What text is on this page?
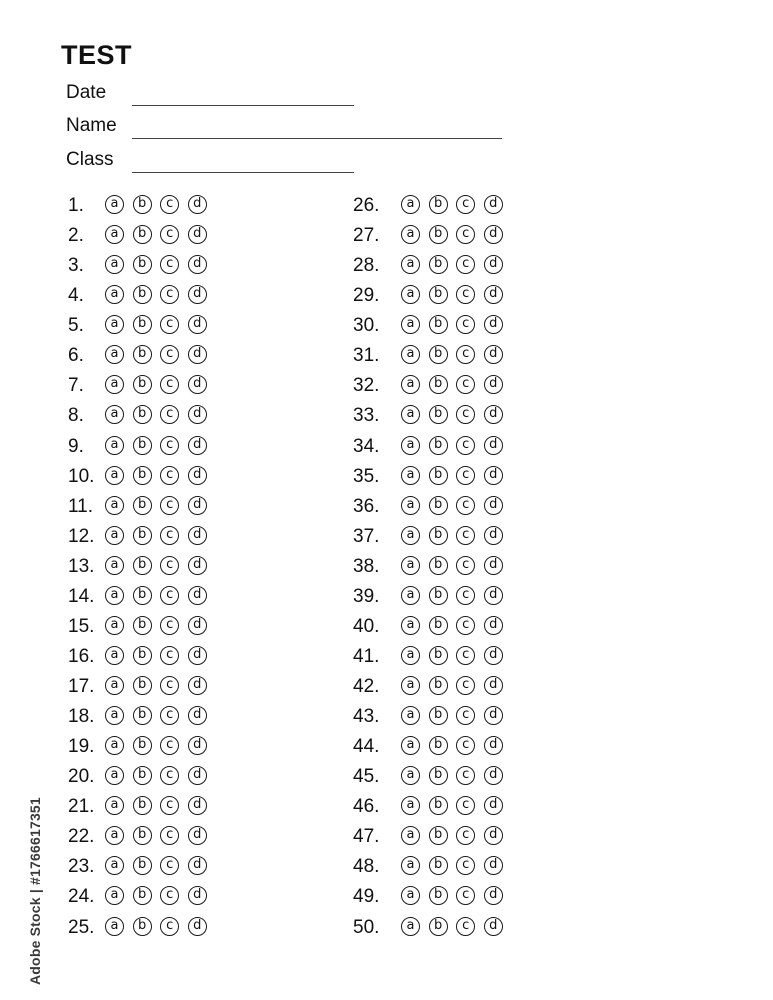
TEST
Date
Name
Class
1.	a	b	c	d
2.	a	b	c	d
3.	a	b	c	d
4.	a	b	c	d
5.	a	b	c	d
6.	a	b	c	d
7.	a	b	c	d
8.	a	b	c	d
9.	a	b	c	d
10.	a	b	c	d
11.	a	b	c	d
12.	a	b	c	d
13.	a	b	c	d
14.	a	b	c	d
15.	a	b	c	d
16.	a	b	c	d
17.	a	b	c	d
18.	a	b	c	d
19.	a	b	c	d
20.	a	b	c	d
21.	a	b	c	d
22.	a	b	c	d
23.	a	b	c	d
24.	a	b	c	d
25.	a	b	c	d
26.	a	b	c	d
27.	a	b	c	d
28.	a	b	c	d
29.	a	b	c	d
30.	a	b	c	d
31.	a	b	c	d
32.	a	b	c	d
33.	a	b	c	d
34.	a	b	c	d
35.	a	b	c	d
36.	a	b	c	d
37.	a	b	c	d
38.	a	b	c	d
39.	a	b	c	d
40.	a	b	c	d
41.	a	b	c	d
42.	a	b	c	d
43.	a	b	c	d
44.	a	b	c	d
45.	a	b	c	d
46.	a	b	c	d
47.	a	b	c	d
48.	a	b	c	d
49.	a	b	c	d
50.	a	b	c	d
Adobe Stock | #1766617351
